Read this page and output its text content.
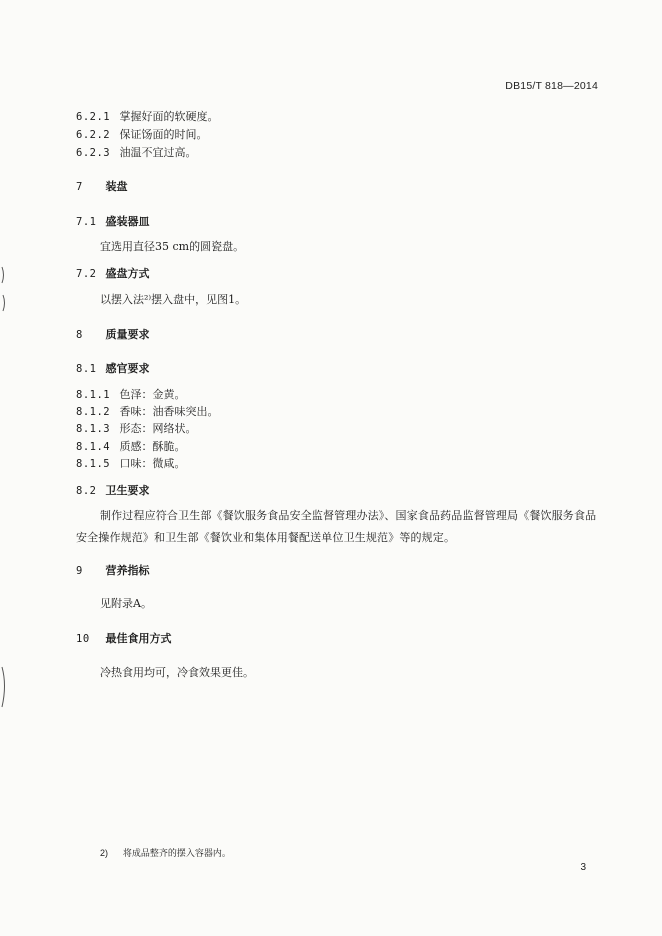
DB15/T 818—2014
6.2.1 掌握好面的软硬度。
6.2.2 保证饧面的时间。
6.2.3 油温不宜过高。
7 装盘
7.1 盛装器皿
宜选用直径35 cm的圆瓷盘。
7.2 盛盘方式
以摆入法²⁾摆入盘中，见图1。
8 质量要求
8.1 感官要求
8.1.1 色泽：金黄。
8.1.2 香味：油香味突出。
8.1.3 形态：网络状。
8.1.4 质感：酥脆。
8.1.5 口味：微咸。
8.2 卫生要求
制作过程应符合卫生部《餐饮服务食品安全监督管理办法》、国家食品药品监督管理局《餐饮服务食品安全操作规范》和卫生部《餐饮业和集体用餐配送单位卫生规范》等的规定。
9 营养指标
见附录A。
10 最佳食用方式
冷热食用均可，冷食效果更佳。
2) 将成品整齐的摆入容器内。
3
